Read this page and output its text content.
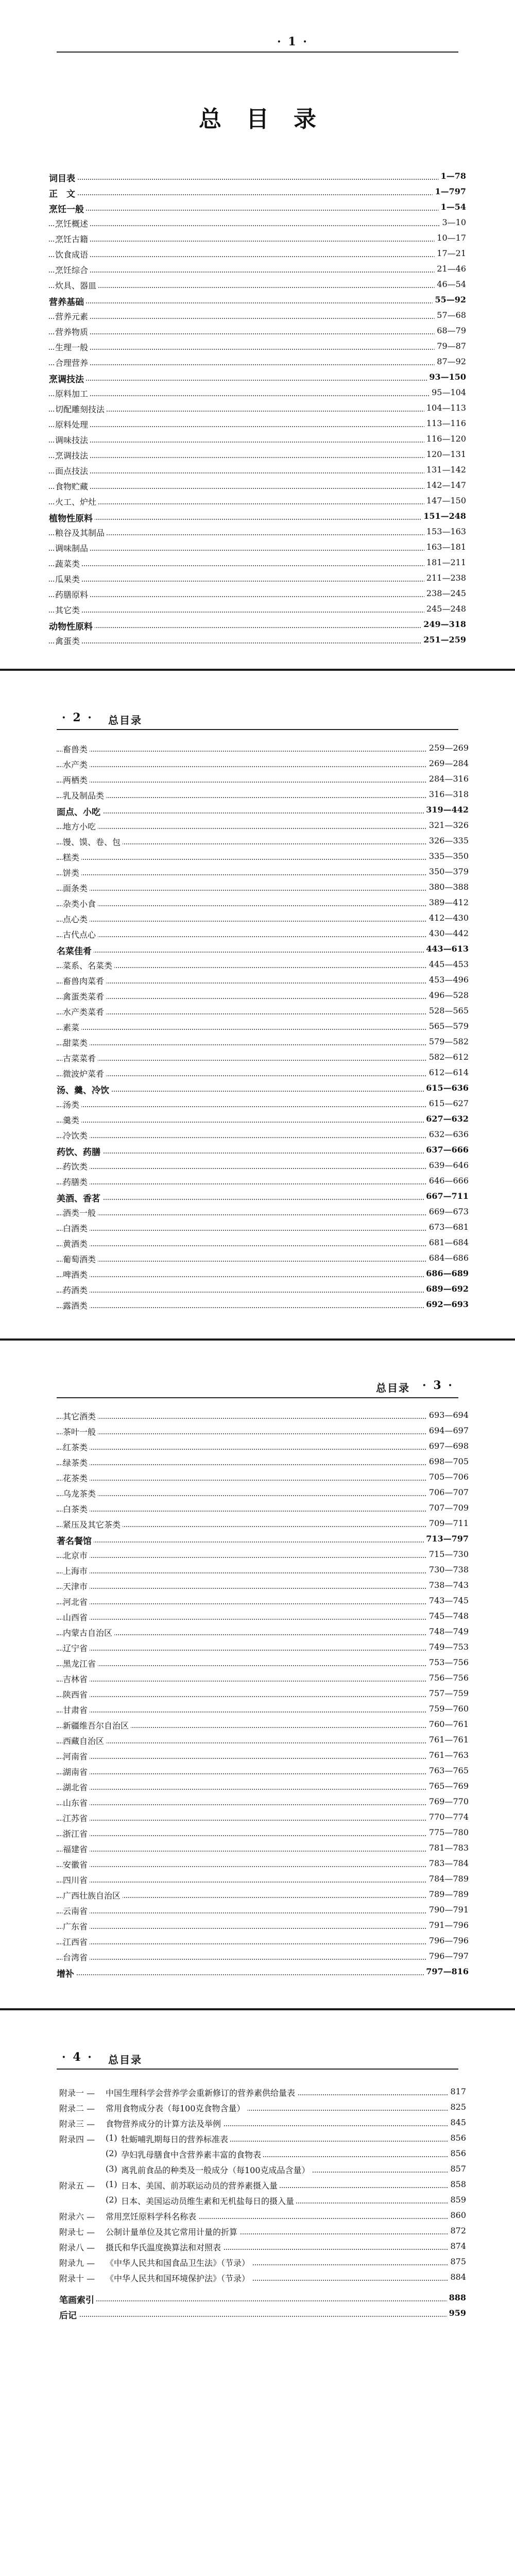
· 1 ·
总目录
词目表	1—78
正　文	1—797
烹饪一般	1—54
烹饪概述	3—10
烹饪古籍	10—17
饮食成语	17—21
烹饪综合	21—46
炊具、器皿	46—54
营养基础	55—92
营养元素	57—68
营养物质	68—79
生理一般	79—87
合理营养	87—92
烹调技法	93—150
原料加工	95—104
切配雕刻技法	104—113
原料处理	113—116
调味技法	116—120
烹调技法	120—131
面点技法	131—142
食物贮藏	142—147
火工、炉灶	147—150
植物性原料	151—248
粮谷及其制品	153—163
调味制品	163—181
蔬菜类	181—211
瓜果类	211—238
药膳原料	238—245
其它类	245—248
动物性原料	249—318
禽蛋类	251—259
· 2 · 总目录
畜兽类	259—269
水产类	269—284
两栖类	284—316
乳及制品类	316—318
面点、小吃	319—442
地方小吃	321—326
馒、馍、卷、包	326—335
糕类	335—350
饼类	350—379
面条类	380—388
杂类小食	389—412
点心类	412—430
古代点心	430—442
名菜佳肴	443—613
菜系、名菜类	445—453
畜兽肉菜肴	453—496
禽蛋类菜肴	496—528
水产类菜肴	528—565
素菜	565—579
甜菜类	579—582
古菜菜肴	582—612
微波炉菜肴	612—614
汤、羹、冷饮	615—636
汤类	615—627
羹类	627—632
冷饮类	632—636
药饮、药膳	637—666
药饮类	639—646
药膳类	646—666
美酒、香茗	667—711
酒类一般	669—673
白酒类	673—681
黄酒类	681—684
葡萄酒类	684—686
啤酒类	686—689
药酒类	689—692
露酒类	692—693
总目录 · 3 ·
其它酒类	693—694
茶叶一般	694—697
红茶类	697—698
绿茶类	698—705
花茶类	705—706
乌龙茶类	706—707
白茶类	707—709
紧压及其它茶类	709—711
著名餐馆	713—797
北京市	715—730
上海市	730—738
天津市	738—743
河北省	743—745
山西省	745—748
内蒙古自治区	748—749
辽宁省	749—753
黑龙江省	753—756
吉林省	756—756
陕西省	757—759
甘肃省	759—760
新疆维吾尔自治区	760—761
西藏自治区	761—761
河南省	761—763
湖南省	763—765
湖北省	765—769
山东省	769—770
江苏省	770—774
浙江省	775—780
福建省	781—783
安徽省	783—784
四川省	784—789
广西壮族自治区	789—789
云南省	790—791
广东省	791—796
江西省	796—796
台湾省	796—797
增补	797—816
· 4 · 总目录
附录一 — 中国生理科学会营养学会重新修订的营养素供给量表	817
附录二 — 常用食物成分表（每100克食物含量）	825
附录三 — 食物营养成分的计算方法及举例	845
附录四 — (1) 牡蛎哺乳期每日的营养标准表	856
(2) 孕妇乳母膳食中含营养素丰富的食物表	856
(3) 离乳前食品的种类及一般成分（每100克成品含量）	857
附录五 — (1) 日本、美国、前苏联运动员的营养素摄入量	858
(2) 日本、美国运动员维生素和无机盐每日的摄入量	859
附录六 — 常用烹饪原料学科名称表	860
附录七 — 公制计量单位及其它常用计量的折算	872
附录八 — 摄氏和华氏温度换算法和对照表	874
附录九 — 《中华人民共和国食品卫生法》（节录）	875
附录十 — 《中华人民共和国环境保护法》（节录）	884
笔画索引	888
后记	959
